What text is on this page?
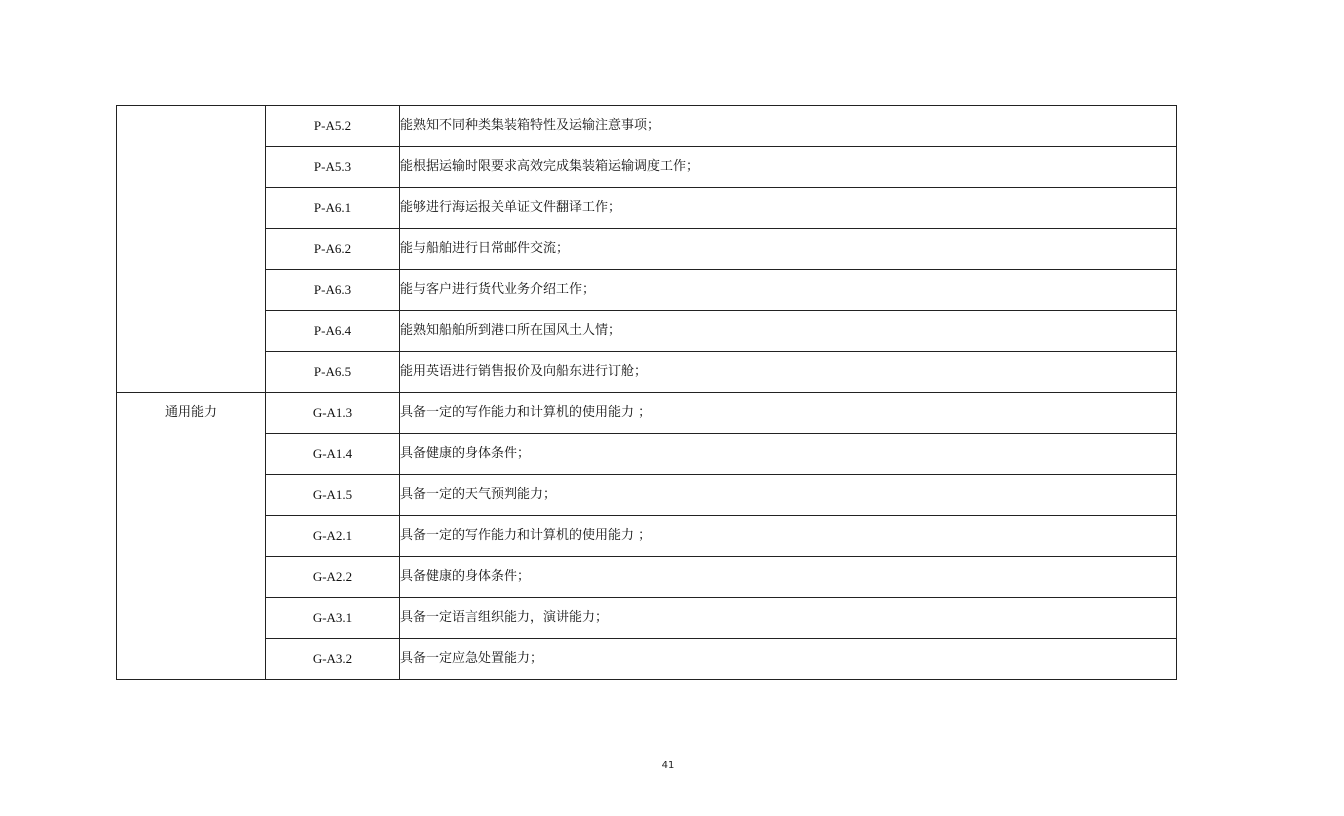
	P-A5.2	能熟知不同种类集装箱特性及运输注意事项；
	P-A5.3	能根据运输时限要求高效完成集装箱运输调度工作；
	P-A6.1	能够进行海运报关单证文件翻译工作；
	P-A6.2	能与船舶进行日常邮件交流；
	P-A6.3	能与客户进行货代业务介绍工作；
	P-A6.4	能熟知船舶所到港口所在国风土人情；
	P-A6.5	能用英语进行销售报价及向船东进行订舱；
通用能力	G-A1.3	具备一定的写作能力和计算机的使用能力 ；
	G-A1.4	具备健康的身体条件；
	G-A1.5	具备一定的天气预判能力；
	G-A2.1	具备一定的写作能力和计算机的使用能力 ；
	G-A2.2	具备健康的身体条件；
	G-A3.1	具备一定语言组织能力，演讲能力；
	G-A3.2	具备一定应急处置能力；
41
